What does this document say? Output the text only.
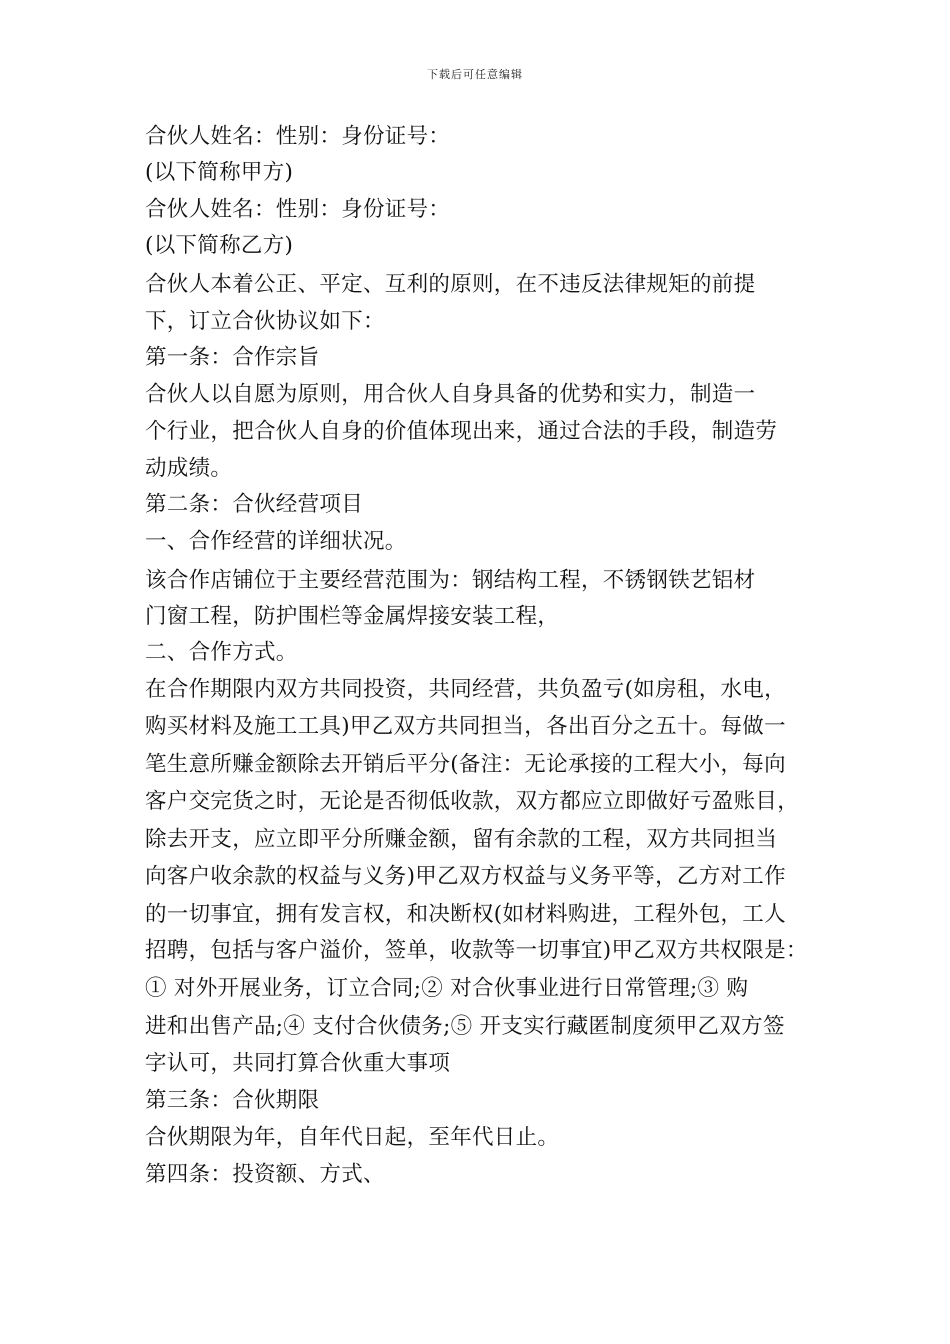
下载后可任意编辑
合伙人姓名：性别：身份证号：
(以下简称甲方)
合伙人姓名：性别：身份证号：
(以下简称乙方)
合伙人本着公正、平定、互利的原则，在不违反法律规矩的前提
下，订立合伙协议如下：
第一条：合作宗旨
合伙人以自愿为原则，用合伙人自身具备的优势和实力，制造一
个行业，把合伙人自身的价值体现出来，通过合法的手段，制造劳
动成绩。
第二条：合伙经营项目
一、合作经营的详细状况。
该合作店铺位于主要经营范围为：钢结构工程，不锈钢铁艺铝材
门窗工程，防护围栏等金属焊接安装工程，
二、合作方式。
在合作期限内双方共同投资，共同经营，共负盈亏(如房租，水电，
购买材料及施工工具)甲乙双方共同担当，各出百分之五十。每做一
笔生意所赚金额除去开销后平分(备注：无论承接的工程大小，每向
客户交完货之时，无论是否彻低收款，双方都应立即做好亏盈账目，
除去开支，应立即平分所赚金额，留有余款的工程，双方共同担当
向客户收余款的权益与义务)甲乙双方权益与义务平等，乙方对工作
的一切事宜，拥有发言权，和决断权(如材料购进，工程外包，工人
招聘，包括与客户溢价，签单，收款等一切事宜)甲乙双方共权限是：
① 对外开展业务，订立合同;② 对合伙事业进行日常管理;③ 购
进和出售产品;④ 支付合伙债务;⑤ 开支实行藏匿制度须甲乙双方签
字认可，共同打算合伙重大事项
第三条：合伙期限
合伙期限为年，自年代日起，至年代日止。
第四条：投资额、方式、
